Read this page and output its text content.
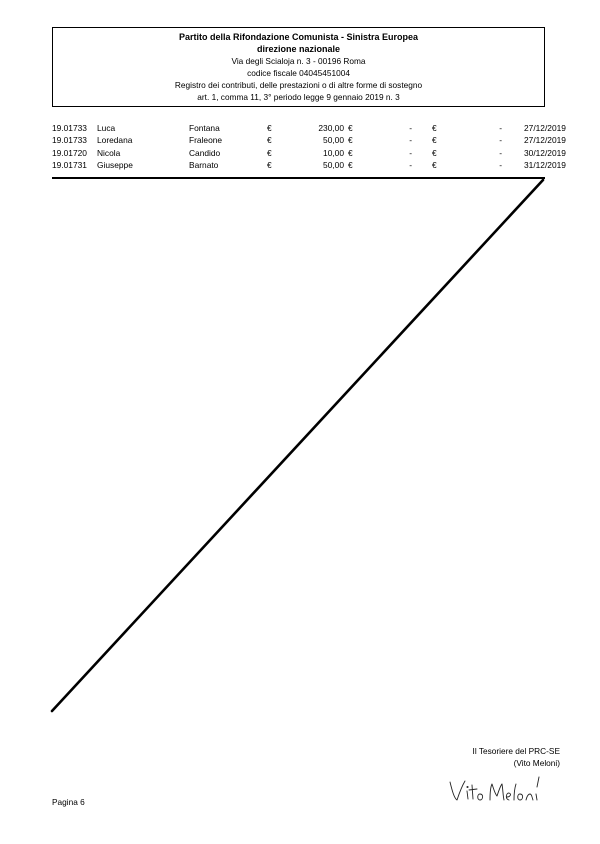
Partito della Rifondazione Comunista - Sinistra Europea
direzione nazionale
Via degli Scialoja n. 3 - 00196 Roma
codice fiscale 04045451004
Registro dei contributi, delle prestazioni o di altre forme di sostegno
art. 1, comma 11, 3° periodo legge 9 gennaio 2019 n. 3
19.01733	Luca	Fontana	€	230,00	€	-	€	-	27/12/2019
19.01733	Loredana	Fraleone	€	50,00	€	-	€	-	27/12/2019
19.01720	Nicola	Candido	€	10,00	€	-	€	-	30/12/2019
19.01731	Giuseppe	Barnato	€	50,00	€	-	€	-	31/12/2019
Il Tesoriere del PRC-SE
(Vito Meloni)
Pagina 6
